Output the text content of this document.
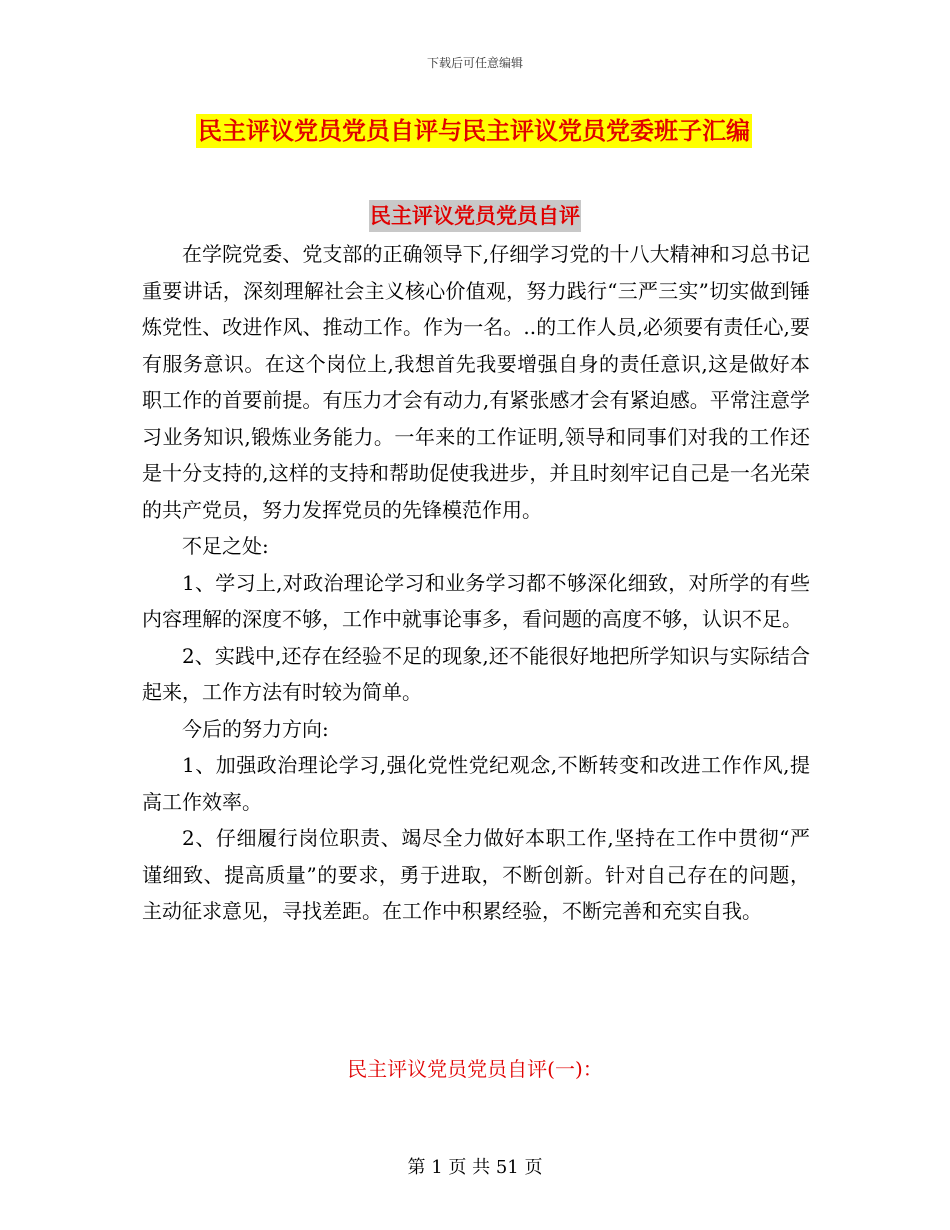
下载后可任意编辑
民主评议党员党员自评与民主评议党员党委班子汇编
民主评议党员党员自评

在学院党委、党支部的正确领导下,仔细学习党的十八大精神和习总书记重要讲话，深刻理解社会主义核心价值观，努力践行“三严三实”切实做到锤炼党性、改进作风、推动工作。作为一名。..的工作人员,必须要有责任心,要有服务意识。在这个岗位上,我想首先我要增强自身的责任意识,这是做好本职工作的首要前提。有压力才会有动力,有紧张感才会有紧迫感。平常注意学习业务知识,锻炼业务能力。一年来的工作证明,领导和同事们对我的工作还是十分支持的,这样的支持和帮助促使我进步，并且时刻牢记自己是一名光荣的共产党员，努力发挥党员的先锋模范作用。

不足之处:

1、学习上,对政治理论学习和业务学习都不够深化细致，对所学的有些内容理解的深度不够，工作中就事论事多，看问题的高度不够，认识不足。

2、实践中,还存在经验不足的现象,还不能很好地把所学知识与实际结合起来，工作方法有时较为简单。

今后的努力方向:

1、加强政治理论学习,强化党性党纪观念,不断转变和改进工作作风,提高工作效率。

2、仔细履行岗位职责、竭尽全力做好本职工作,坚持在工作中贯彻“严谨细致、提高质量”的要求，勇于进取，不断创新。针对自己存在的问题，主动征求意见，寻找差距。在工作中积累经验，不断完善和充实自我。

民主评议党员党员自评(一)：
第 1 页 共 51 页
